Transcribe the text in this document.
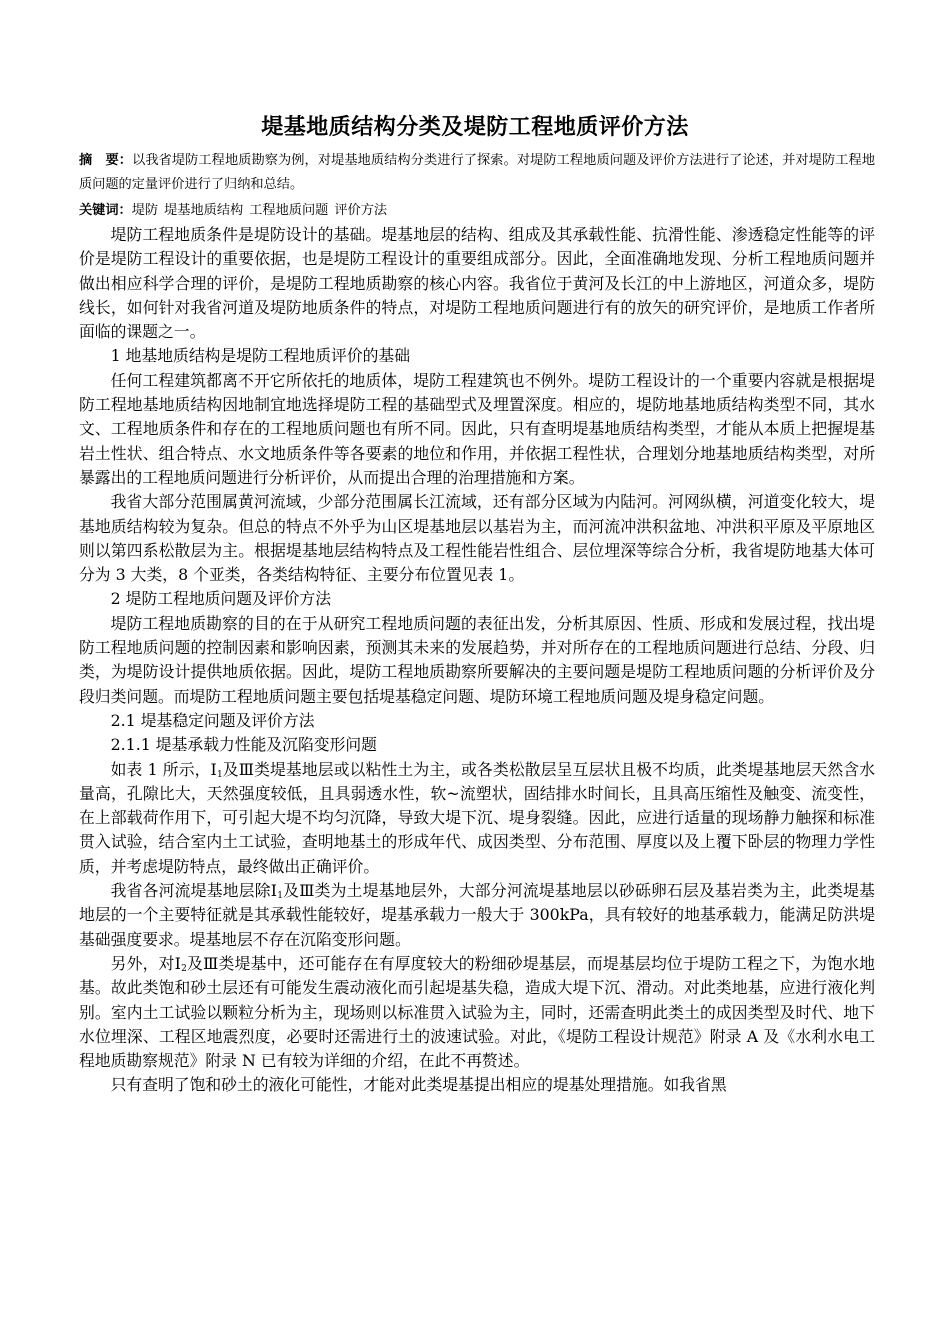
堤基地质结构分类及堤防工程地质评价方法
摘　要：以我省堤防工程地质勘察为例，对堤基地质结构分类进行了探索。对堤防工程地质问题及评价方法进行了论述，并对堤防工程地质问题的定量评价进行了归纳和总结。
关键词：堤防 堤基地质结构 工程地质问题 评价方法

堤防工程地质条件是堤防设计的基础。堤基地层的结构、组成及其承载性能、抗滑性能、渗透稳定性能等的评价是堤防工程设计的重要依据，也是堤防工程设计的重要组成部分。因此，全面准确地发现、分析工程地质问题并做出相应科学合理的评价，是堤防工程地质勘察的核心内容。我省位于黄河及长江的中上游地区，河道众多，堤防线长，如何针对我省河道及堤防地质条件的特点，对堤防工程地质问题进行有的放矢的研究评价，是地质工作者所面临的课题之一。

1 地基地质结构是堤防工程地质评价的基础

任何工程建筑都离不开它所依托的地质体，堤防工程建筑也不例外。堤防工程设计的一个重要内容就是根据堤防工程地基地质结构因地制宜地选择堤防工程的基础型式及埋置深度。相应的，堤防地基地质结构类型不同，其水文、工程地质条件和存在的工程地质问题也有所不同。因此，只有查明堤基地质结构类型，才能从本质上把握堤基岩土性状、组合特点、水文地质条件等各要素的地位和作用，并依据工程性状，合理划分地基地质结构类型，对所暴露出的工程地质问题进行分析评价，从而提出合理的治理措施和方案。

我省大部分范围属黄河流域，少部分范围属长江流域，还有部分区域为内陆河。河网纵横，河道变化较大，堤基地质结构较为复杂。但总的特点不外乎为山区堤基地层以基岩为主，而河流冲洪积盆地、冲洪积平原及平原地区则以第四系松散层为主。根据堤基地层结构特点及工程性能岩性组合、层位埋深等综合分析，我省堤防地基大体可分为 3 大类，8 个亚类，各类结构特征、主要分布位置见表 1。

2 堤防工程地质问题及评价方法

堤防工程地质勘察的目的在于从研究工程地质问题的表征出发，分析其原因、性质、形成和发展过程，找出堤防工程地质问题的控制因素和影响因素，预测其未来的发展趋势，并对所存在的工程地质问题进行总结、分段、归类，为堤防设计提供地质依据。因此，堤防工程地质勘察所要解决的主要问题是堤防工程地质问题的分析评价及分段归类问题。而堤防工程地质问题主要包括堤基稳定问题、堤防环境工程地质问题及堤身稳定问题。

2.1 堤基稳定问题及评价方法

2.1.1 堤基承载力性能及沉陷变形问题

如表 1 所示，$Ⅰ_1$及Ⅲ类堤基地层或以粘性土为主，或各类松散层呈互层状且极不均质，此类堤基地层天然含水量高，孔隙比大，天然强度较低，且具弱透水性，软~流塑状，固结排水时间长，且具高压缩性及触变、流变性，在上部载荷作用下，可引起大堤不均匀沉降，导致大堤下沉、堤身裂缝。因此，应进行适量的现场静力触探和标准贯入试验，结合室内土工试验，查明地基土的形成年代、成因类型、分布范围、厚度以及上覆下卧层的物理力学性质，并考虑堤防特点，最终做出正确评价。

我省各河流堤基地层除$Ⅰ_1$及Ⅲ类为土堤基地层外，大部分河流堤基地层以砂砾卵石层及基岩类为主，此类堤基地层的一个主要特征就是其承载性能较好，堤基承载力一般大于 300kPa，具有较好的地基承载力，能满足防洪堤基础强度要求。堤基地层不存在沉陷变形问题。

另外，对$Ⅰ_2$及Ⅲ类堤基中，还可能存在有厚度较大的粉细砂堤基层，而堤基层均位于堤防工程之下，为饱水地基。故此类饱和砂土层还有可能发生震动液化而引起堤基失稳，造成大堤下沉、滑动。对此类地基，应进行液化判别。室内土工试验以颗粒分析为主，现场则以标准贯入试验为主，同时，还需查明此类土的成因类型及时代、地下水位埋深、工程区地震烈度，必要时还需进行土的波速试验。对此，《堤防工程设计规范》附录 A 及《水利水电工程地质勘察规范》附录 N 已有较为详细的介绍，在此不再赘述。

只有查明了饱和砂土的液化可能性，才能对此类堤基提出相应的堤基处理措施。如我省黑
